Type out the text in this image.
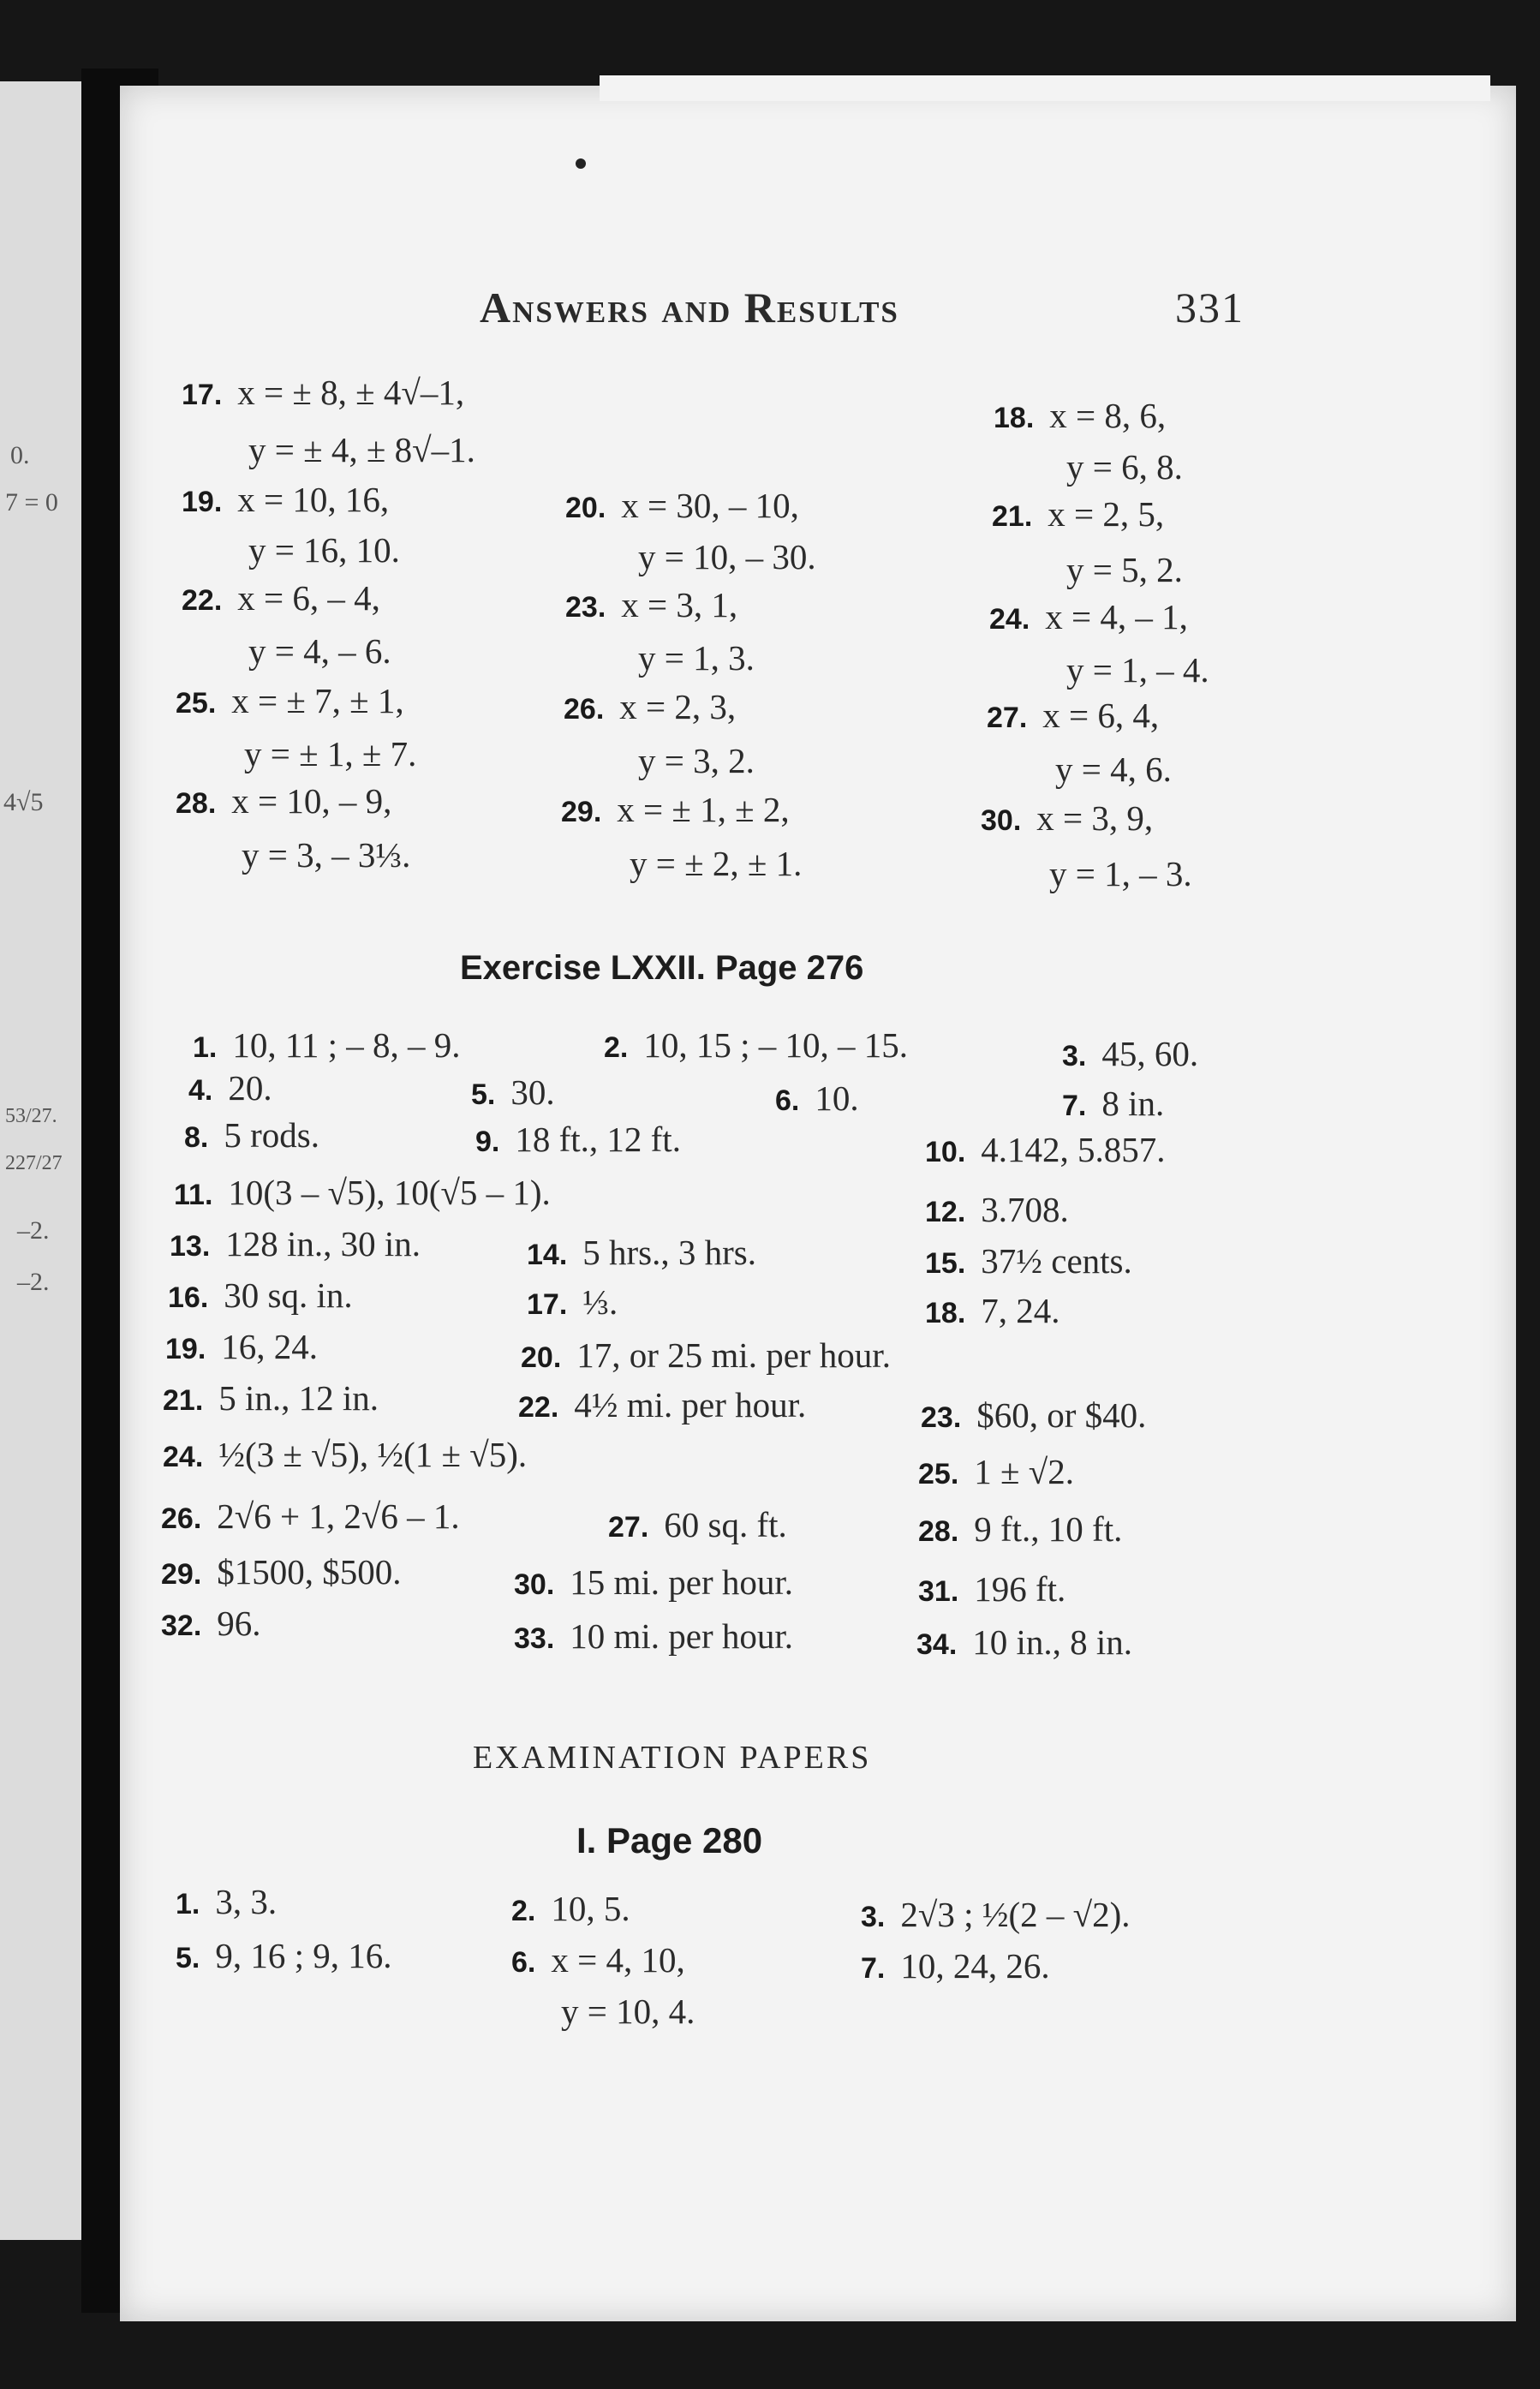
0.
7 = 0
4√5
53/27.
227/27
–2.
–2.
Answers and Results	331
17. x = ± 8, ± 4√–1,
y = ± 4, ± 8√–1.
18. x = 8, 6,
y = 6, 8.
19. x = 10, 16,
y = 16, 10.
20. x = 30, – 10,
y = 10, – 30.
21. x = 2, 5,
y = 5, 2.
22. x = 6, – 4,
y = 4, – 6.
23. x = 3, 1,
y = 1, 3.
24. x = 4, – 1,
y = 1, – 4.
25. x = ± 7, ± 1,
y = ± 1, ± 7.
26. x = 2, 3,
y = 3, 2.
27. x = 6, 4,
y = 4, 6.
28. x = 10, – 9,
y = 3, – 3⅓.
29. x = ± 1, ± 2,
y = ± 2, ± 1.
30. x = 3, 9,
y = 1, – 3.
Exercise LXXII. Page 276
1. 10, 11 ; – 8, – 9.	2. 10, 15 ; – 10, – 15.	3. 45, 60.
4. 20.	5. 30.	6. 10.	7. 8 in.
8. 5 rods.	9. 18 ft., 12 ft.	10. 4.142, 5.857.
11. 10(3 – √5), 10(√5 – 1).	12. 3.708.
13. 128 in., 30 in.	14. 5 hrs., 3 hrs.	15. 37½ cents.
16. 30 sq. in.	17. ⅓.	18. 7, 24.
19. 16, 24.	20. 17, or 25 mi. per hour.
21. 5 in., 12 in.	22. 4½ mi. per hour.	23. $60, or $40.
24. ½(3 ± √5), ½(1 ± √5).	25. 1 ± √2.
26. 2√6 + 1, 2√6 – 1.	27. 60 sq. ft.	28. 9 ft., 10 ft.
29. $1500, $500.	30. 15 mi. per hour.	31. 196 ft.
32. 96.	33. 10 mi. per hour.	34. 10 in., 8 in.
EXAMINATION PAPERS
I. Page 280
1. 3, 3.	2. 10, 5.	3. 2√3 ; ½(2 – √2).
5. 9, 16 ; 9, 16.	6. x = 4, 10,
y = 10, 4.
7. 10, 24, 26.
